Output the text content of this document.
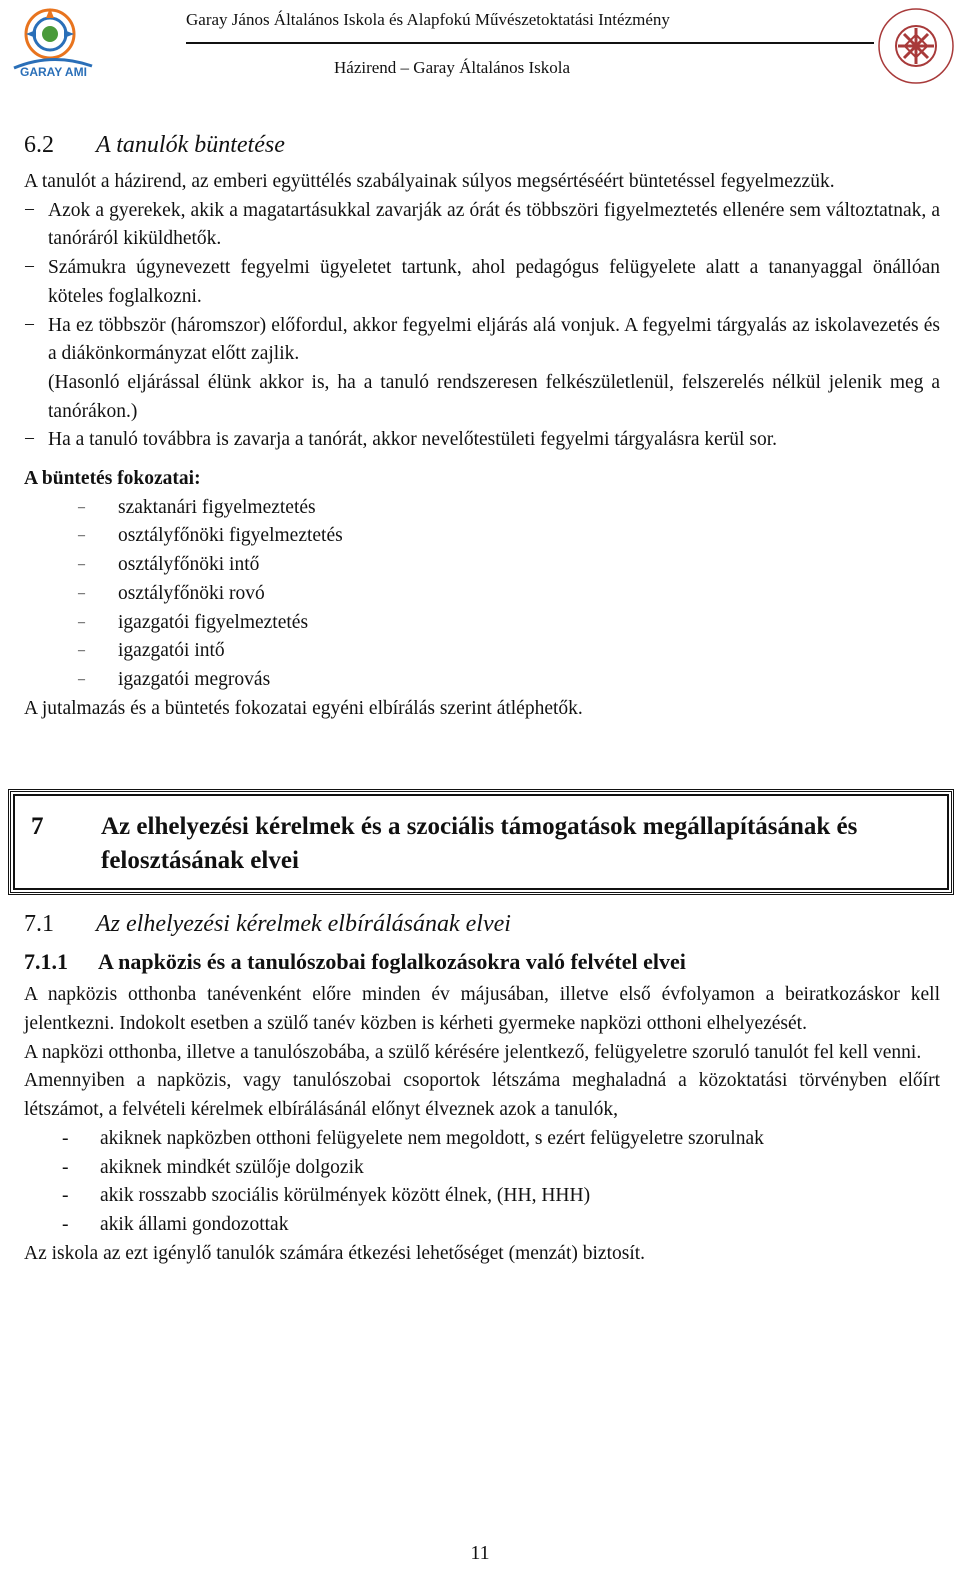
GARAY AMI
Garay János Általános Iskola és Alapfokú Művészetoktatási Intézmény
Házirend – Garay Általános Iskola
6.2 A tanulók büntetése

A tanulót a házirend, az emberi együttélés szabályainak súlyos megsértéséért büntetéssel fegyelmezzük.

− Azok a gyerekek, akik a magatartásukkal zavarják az órát és többszöri figyelmeztetés ellenére sem változtatnak, a tanóráról kiküldhetők.

− Számukra úgynevezett fegyelmi ügyeletet tartunk, ahol pedagógus felügyelete alatt a tananyaggal önállóan köteles foglalkozni.

− Ha ez többször (háromszor) előfordul, akkor fegyelmi eljárás alá vonjuk. A fegyelmi tárgyalás az iskolavezetés és a diákönkormányzat előtt zajlik.

(Hasonló eljárással élünk akkor is, ha a tanuló rendszeresen felkészületlenül, felszerelés nélkül jelenik meg a tanórákon.)

− Ha a tanuló továbbra is zavarja a tanórát, akkor nevelőtestületi fegyelmi tárgyalásra kerül sor.

A büntetés fokozatai:

– szaktanári figyelmeztetés
– osztályfőnöki figyelmeztetés
– osztályfőnöki intő
– osztályfőnöki rovó
– igazgatói figyelmeztetés
– igazgatói intő
– igazgatói megrovás

A jutalmazás és a büntetés fokozatai egyéni elbírálás szerint átléphetők.

7	Az elhelyezési kérelmek és a szociális támogatások megállapításának és felosztásának elvei
7.1 Az elhelyezési kérelmek elbírálásának elvei
7.1.1 A napközis és a tanulószobai foglalkozásokra való felvétel elvei

A napközis otthonba tanévenként előre minden év májusában, illetve első évfolyamon a beiratkozáskor kell jelentkezni. Indokolt esetben a szülő tanév közben is kérheti gyermeke napközi otthoni elhelyezését.

A napközi otthonba, illetve a tanulószobába, a szülő kérésére jelentkező, felügyeletre szoruló tanulót fel kell venni.

Amennyiben a napközis, vagy tanulószobai csoportok létszáma meghaladná a közoktatási törvényben előírt létszámot, a felvételi kérelmek elbírálásánál előnyt élveznek azok a tanulók,

- akiknek napközben otthoni felügyelete nem megoldott, s ezért felügyeletre szorulnak
- akiknek mindkét szülője dolgozik
- akik rosszabb szociális körülmények között élnek, (HH, HHH)
- akik állami gondozottak

Az iskola az ezt igénylő tanulók számára étkezési lehetőséget (menzát) biztosít.

11
